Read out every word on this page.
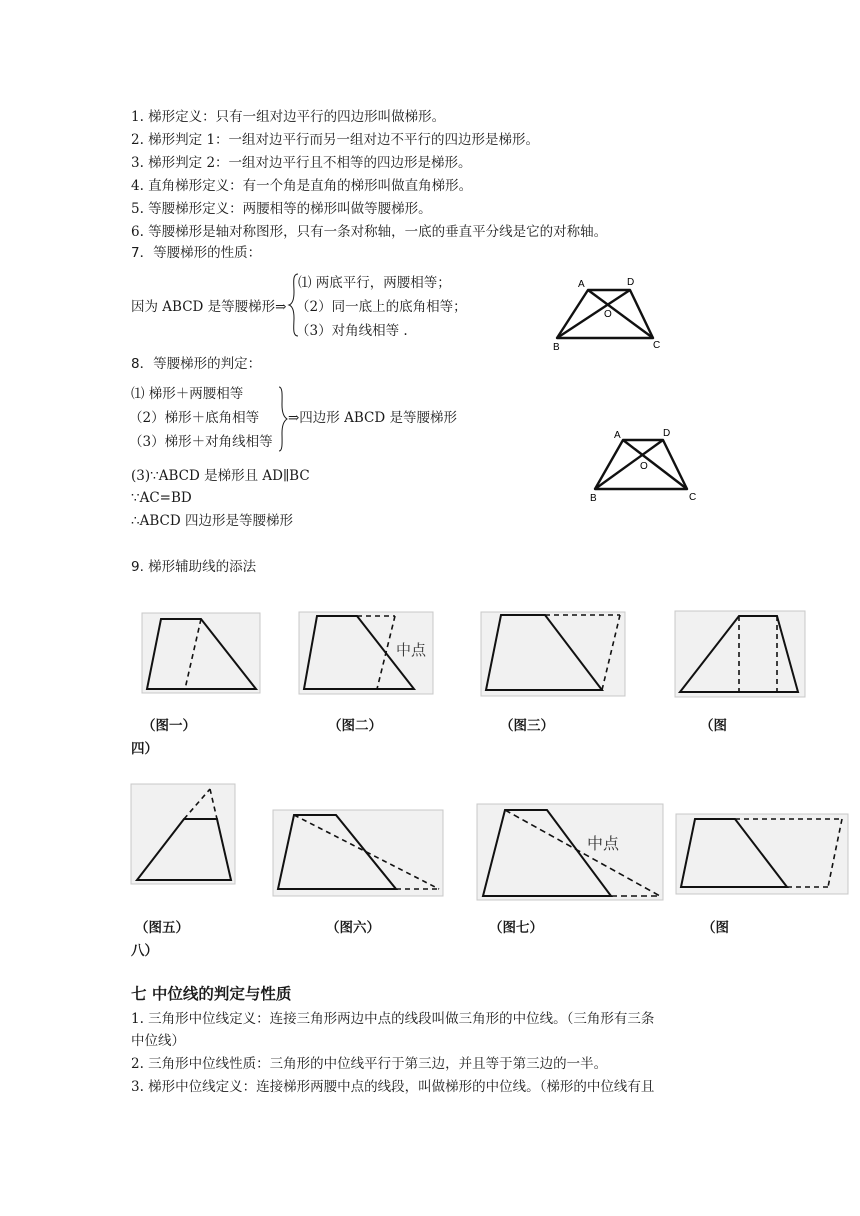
1. 梯形定义：只有一组对边平行的四边形叫做梯形。
2. 梯形判定 1：一组对边平行而另一组对边不平行的四边形是梯形。
3. 梯形判定 2：一组对边平行且不相等的四边形是梯形。
4. 直角梯形定义：有一个角是直角的梯形叫做直角梯形。
5. 等腰梯形定义：两腰相等的梯形叫做等腰梯形。
6. 等腰梯形是轴对称图形，只有一条对称轴，一底的垂直平分线是它的对称轴。
7．等腰梯形的性质：
因为 ABCD 是等腰梯形⇒
⑴ 两底平行，两腰相等；
（2）同一底上的底角相等；
（3）对角线相等 .
A	D
O
B	C
8．等腰梯形的判定：
⑴ 梯形＋两腰相等
（2）梯形＋底角相等
（3）梯形＋对角线相等
⇒四边形 ABCD 是等腰梯形
(3)∵ABCD 是梯形且 AD∥BC
∵AC=BD
∴ABCD 四边形是等腰梯形
A	D
O
B	C
9. 梯形辅助线的添法
中点
（图一）	（图二）	（图三）	（图
四）
中点
（图五）	（图六）	（图七）	（图
八）
七 中位线的判定与性质
1. 三角形中位线定义：连接三角形两边中点的线段叫做三角形的中位线。（三角形有三条
中位线）
2. 三角形中位线性质：三角形的中位线平行于第三边，并且等于第三边的一半。
3. 梯形中位线定义：连接梯形两腰中点的线段，叫做梯形的中位线。（梯形的中位线有且
